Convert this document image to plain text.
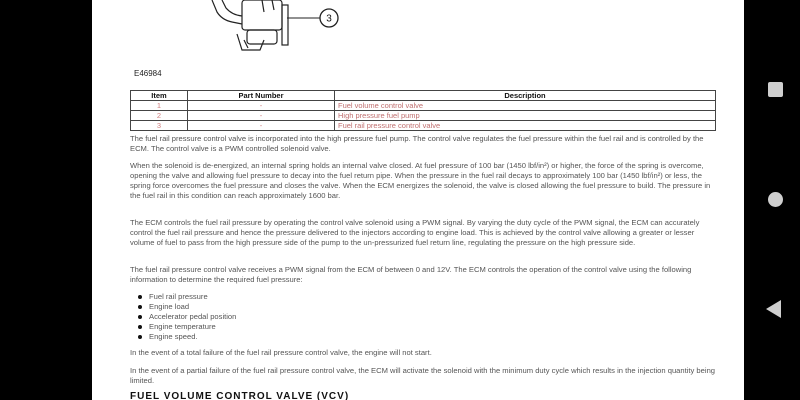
3
E46984
Item	Part Number	Description
1	-	Fuel volume control valve
2	-	High pressure fuel pump
3	-	Fuel rail pressure control valve

The fuel rail pressure control valve is incorporated into the high pressure fuel pump. The control valve regulates the fuel pressure within the fuel rail and is controlled by the ECM. The control valve is a PWM controlled solenoid valve.

When the solenoid is de-energized, an internal spring holds an internal valve closed. At fuel pressure of 100 bar (1450 lbf/in²) or higher, the force of the spring is overcome, opening the valve and allowing fuel pressure to decay into the fuel return pipe. When the pressure in the fuel rail decays to approximately 100 bar (1450 lbf/in²) or less, the spring force overcomes the fuel pressure and closes the valve. When the ECM energizes the solenoid, the valve is closed allowing the fuel pressure to build. The pressure in the fuel rail in this condition can reach approximately 1600 bar.

The ECM controls the fuel rail pressure by operating the control valve solenoid using a PWM signal. By varying the duty cycle of the PWM signal, the ECM can accurately control the fuel rail pressure and hence the pressure delivered to the injectors according to engine load. This is achieved by the control valve allowing a greater or lesser volume of fuel to pass from the high pressure side of the pump to the un-pressurized fuel return line, regulating the pressure on the high pressure side.

The fuel rail pressure control valve receives a PWM signal from the ECM of between 0 and 12V. The ECM controls the operation of the control valve using the following information to determine the required fuel pressure:

Fuel rail pressure
Engine load
Accelerator pedal position
Engine temperature
Engine speed.

In the event of a total failure of the fuel rail pressure control valve, the engine will not start.

In the event of a partial failure of the fuel rail pressure control valve, the ECM will activate the solenoid with the minimum duty cycle which results in the injection quantity being limited.

FUEL VOLUME CONTROL VALVE (VCV)
